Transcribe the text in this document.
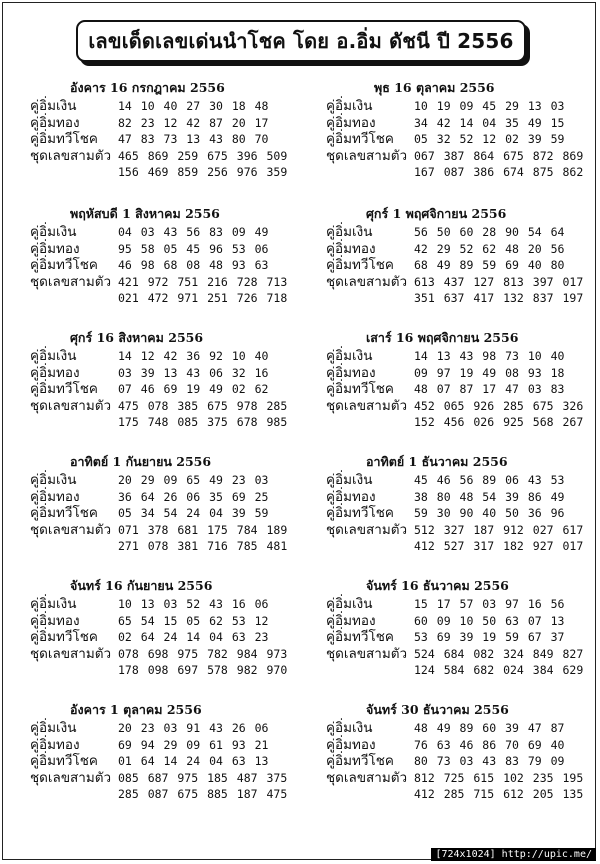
เลขเด็ดเลขเด่นนำโชค โดย อ.อิ่ม ดัชนี ปี 2556
อังคาร 16 กรกฎาคม 2556
คู่อิ่มเงิน	14 10 40 27 30 18 48
คู่อิ่มทอง	82 23 12 42 87 20 17
คู่อิ่มทวีโชค	47 83 73 13 43 80 70
ชุดเลขสามตัว 465 869 259 675 396 509
156 469 859 256 976 359
พฤหัสบดี 1 สิงหาคม 2556
คู่อิ่มเงิน	04 03 43 56 83 09 49
คู่อิ่มทอง	95 58 05 45 96 53 06
คู่อิ่มทวีโชค	46 98 68 08 48 93 63
ชุดเลขสามตัว 421 972 751 216 728 713
021 472 971 251 726 718
ศุกร์ 16 สิงหาคม 2556
คู่อิ่มเงิน	14 12 42 36 92 10 40
คู่อิ่มทอง	03 39 13 43 06 32 16
คู่อิ่มทวีโชค	07 46 69 19 49 02 62
ชุดเลขสามตัว 475 078 385 675 978 285
175 748 085 375 678 985
อาทิตย์ 1 กันยายน 2556
คู่อิ่มเงิน	20 29 09 65 49 23 03
คู่อิ่มทอง	36 64 26 06 35 69 25
คู่อิ่มทวีโชค	05 34 54 24 04 39 59
ชุดเลขสามตัว 071 378 681 175 784 189
271 078 381 716 785 481
จันทร์ 16 กันยายน 2556
คู่อิ่มเงิน	10 13 03 52 43 16 06
คู่อิ่มทอง	65 54 15 05 62 53 12
คู่อิ่มทวีโชค	02 64 24 14 04 63 23
ชุดเลขสามตัว 078 698 975 782 984 973
178 098 697 578 982 970
อังคาร 1 ตุลาคม 2556
คู่อิ่มเงิน	20 23 03 91 43 26 06
คู่อิ่มทอง	69 94 29 09 61 93 21
คู่อิ่มทวีโชค	01 64 14 24 04 63 13
ชุดเลขสามตัว 085 687 975 185 487 375
285 087 675 885 187 475
พุธ 16 ตุลาคม 2556
คู่อิ่มเงิน	10 19 09 45 29 13 03
คู่อิ่มทอง	34 42 14 04 35 49 15
คู่อิ่มทวีโชค	05 32 52 12 02 39 59
ชุดเลขสามตัว 067 387 864 675 872 869
167 087 386 674 875 862
ศุกร์ 1 พฤศจิกายน 2556
คู่อิ่มเงิน	56 50 60 28 90 54 64
คู่อิ่มทอง	42 29 52 62 48 20 56
คู่อิ่มทวีโชค	68 49 89 59 69 40 80
ชุดเลขสามตัว 613 437 127 813 397 017
351 637 417 132 837 197
เสาร์ 16 พฤศจิกายน 2556
คู่อิ่มเงิน	14 13 43 98 73 10 40
คู่อิ่มทอง	09 97 19 49 08 93 18
คู่อิ่มทวีโชค	48 07 87 17 47 03 83
ชุดเลขสามตัว 452 065 926 285 675 326
152 456 026 925 568 267
อาทิตย์ 1 ธันวาคม 2556
คู่อิ่มเงิน	45 46 56 89 06 43 53
คู่อิ่มทอง	38 80 48 54 39 86 49
คู่อิ่มทวีโชค	59 30 90 40 50 36 96
ชุดเลขสามตัว 512 327 187 912 027 617
412 527 317 182 927 017
จันทร์ 16 ธันวาคม 2556
คู่อิ่มเงิน	15 17 57 03 97 16 56
คู่อิ่มทอง	60 09 10 50 63 07 13
คู่อิ่มทวีโชค	53 69 39 19 59 67 37
ชุดเลขสามตัว 524 684 082 324 849 827
124 584 682 024 384 629
จันทร์ 30 ธันวาคม 2556
คู่อิ่มเงิน	48 49 89 60 39 47 87
คู่อิ่มทอง	76 63 46 86 70 69 40
คู่อิ่มทวีโชค	80 73 03 43 83 79 09
ชุดเลขสามตัว 812 725 615 102 235 195
412 285 715 612 205 135
[724x1024] http://upic.me/
